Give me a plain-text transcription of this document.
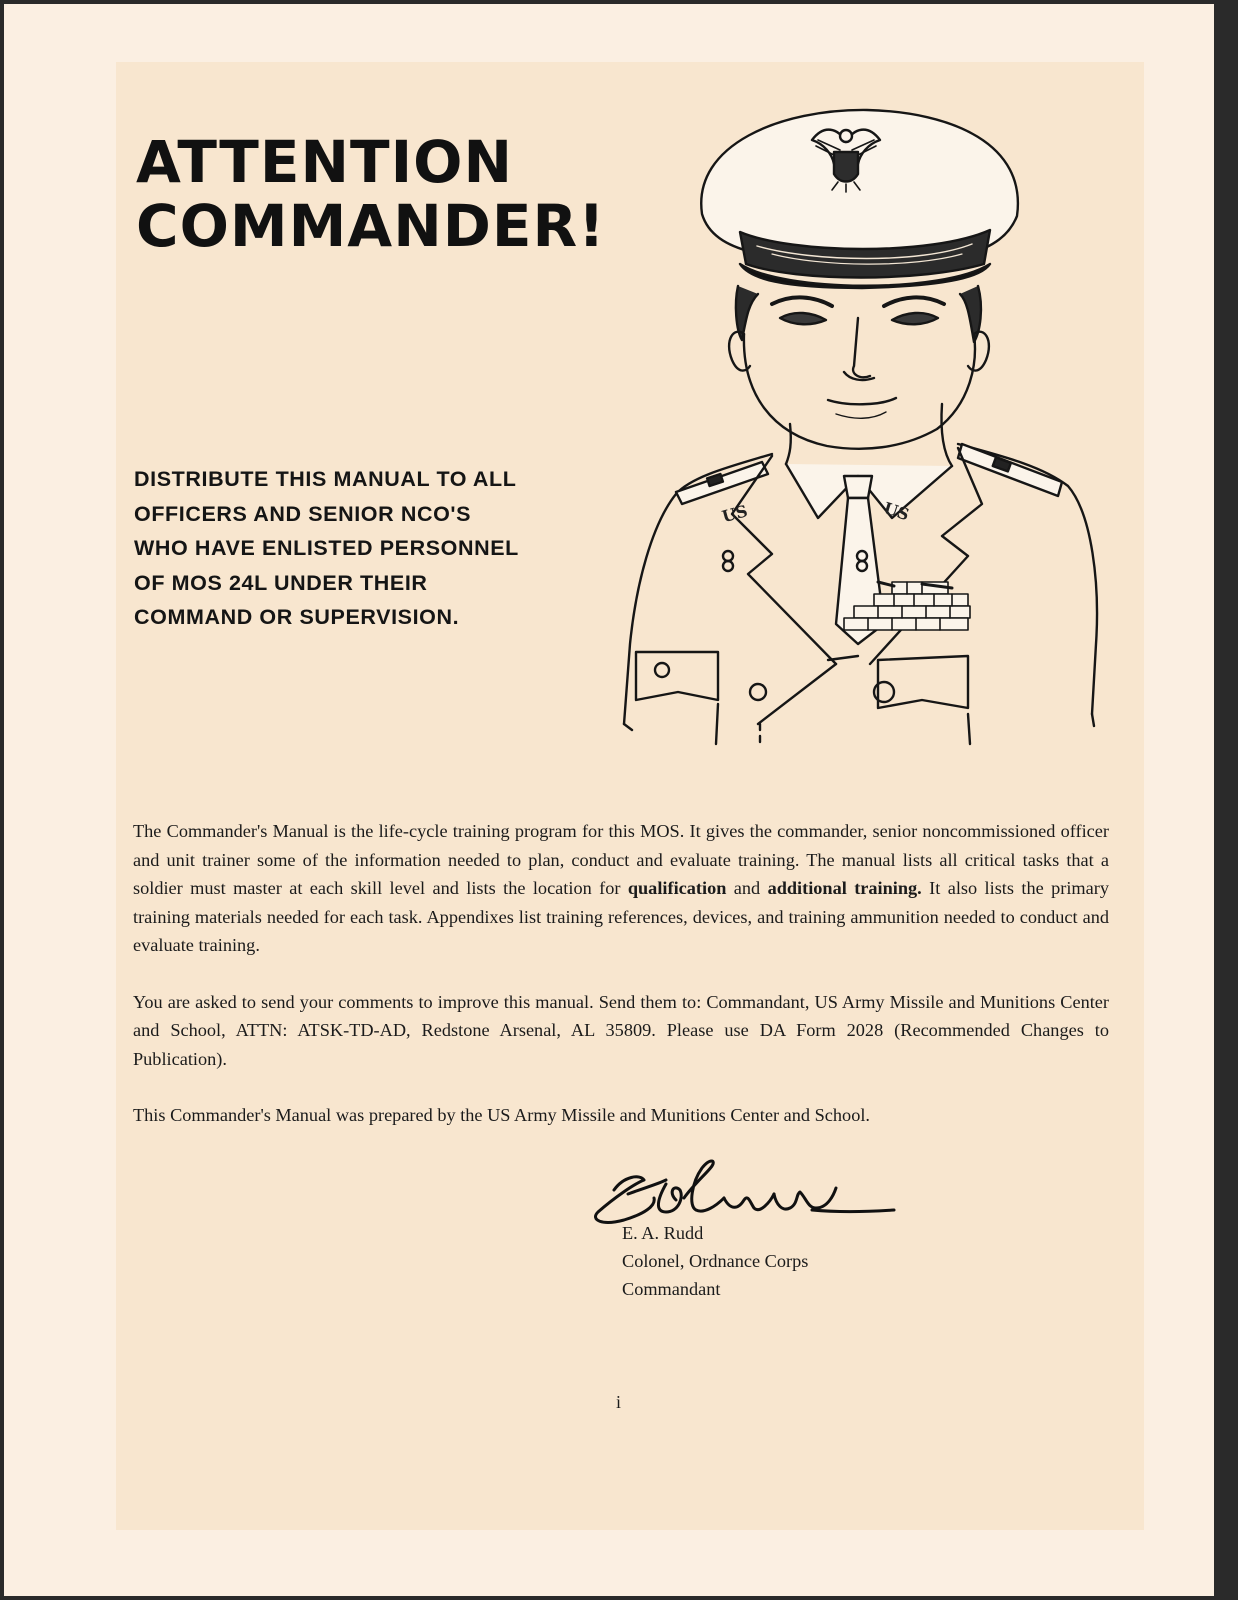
ATTENTION
COMMANDER!
DISTRIBUTE THIS MANUAL TO ALL
OFFICERS AND SENIOR NCO'S
WHO HAVE ENLISTED PERSONNEL
OF MOS 24L UNDER THEIR
COMMAND OR SUPERVISION.
US	US

The Commander's Manual is the life-cycle training program for this MOS. It gives the commander, senior noncommissioned officer and unit trainer some of the information needed to plan, conduct and evaluate training. The manual lists all critical tasks that a soldier must master at each skill level and lists the location for qualification and additional training. It also lists the primary training materials needed for each task. Appendixes list training references, devices, and training ammunition needed to conduct and evaluate training.

You are asked to send your comments to improve this manual. Send them to: Commandant, US Army Missile and Munitions Center and School, ATTN: ATSK-TD-AD, Redstone Arsenal, AL 35809. Please use DA Form 2028 (Recommended Changes to Publication).

This Commander's Manual was prepared by the US Army Missile and Munitions Center and School.

E. A. Rudd
Colonel, Ordnance Corps
Commandant
i
